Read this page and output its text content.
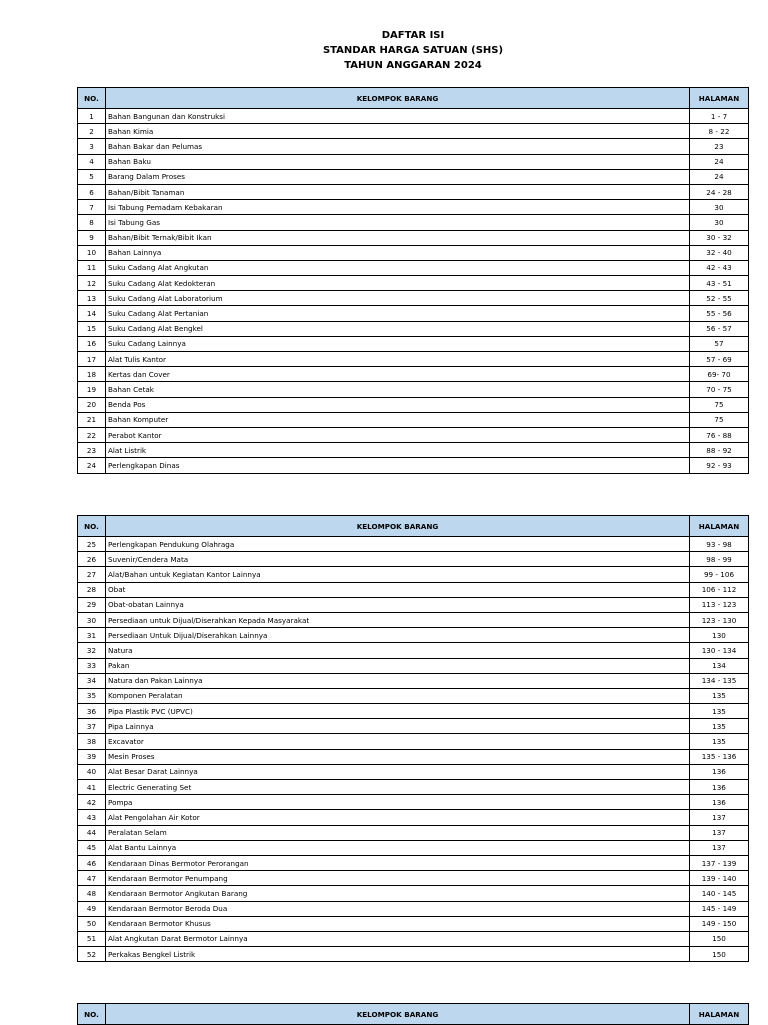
DAFTAR ISI
STANDAR HARGA SATUAN (SHS)
TAHUN ANGGARAN 2024
NO.	KELOMPOK BARANG	HALAMAN
1	Bahan Bangunan dan Konstruksi	1 - 7
2	Bahan Kimia	8 - 22
3	Bahan Bakar dan Pelumas	23
4	Bahan Baku	24
5	Barang Dalam Proses	24
6	Bahan/Bibit Tanaman	24 - 28
7	Isi Tabung Pemadam Kebakaran	30
8	Isi Tabung Gas	30
9	Bahan/Bibit Ternak/Bibit Ikan	30 - 32
10	Bahan Lainnya	32 - 40
11	Suku Cadang Alat Angkutan	42 - 43
12	Suku Cadang Alat Kedokteran	43 - 51
13	Suku Cadang Alat Laboratorium	52 - 55
14	Suku Cadang Alat Pertanian	55 - 56
15	Suku Cadang Alat Bengkel	56 - 57
16	Suku Cadang Lainnya	57
17	Alat Tulis Kantor	57 - 69
18	Kertas dan Cover	69- 70
19	Bahan Cetak	70 - 75
20	Benda Pos	75
21	Bahan Komputer	75
22	Perabot Kantor	76 - 88
23	Alat Listrik	88 - 92
24	Perlengkapan Dinas	92 - 93
NO.	KELOMPOK BARANG	HALAMAN
25	Perlengkapan Pendukung Olahraga	93 - 98
26	Suvenir/Cendera Mata	98 - 99
27	Alat/Bahan untuk Kegiatan Kantor Lainnya	99 - 106
28	Obat	106 - 112
29	Obat-obatan Lainnya	113 - 123
30	Persediaan untuk Dijual/Diserahkan Kepada Masyarakat	123 - 130
31	Persediaan Untuk Dijual/Diserahkan Lainnya	130
32	Natura	130 - 134
33	Pakan	134
34	Natura dan Pakan Lainnya	134 - 135
35	Komponen Peralatan	135
36	Pipa Plastik PVC (UPVC)	135
37	Pipa Lainnya	135
38	Excavator	135
39	Mesin Proses	135 - 136
40	Alat Besar Darat Lainnya	136
41	Electric Generating Set	136
42	Pompa	136
43	Alat Pengolahan Air Kotor	137
44	Peralatan Selam	137
45	Alat Bantu Lainnya	137
46	Kendaraan Dinas Bermotor Perorangan	137 - 139
47	Kendaraan Bermotor Penumpang	139 - 140
48	Kendaraan Bermotor Angkutan Barang	140 - 145
49	Kendaraan Bermotor Beroda Dua	145 - 149
50	Kendaraan Bermotor Khusus	149 - 150
51	Alat Angkutan Darat Bermotor Lainnya	150
52	Perkakas Bengkel Listrik	150
NO.	KELOMPOK BARANG	HALAMAN
